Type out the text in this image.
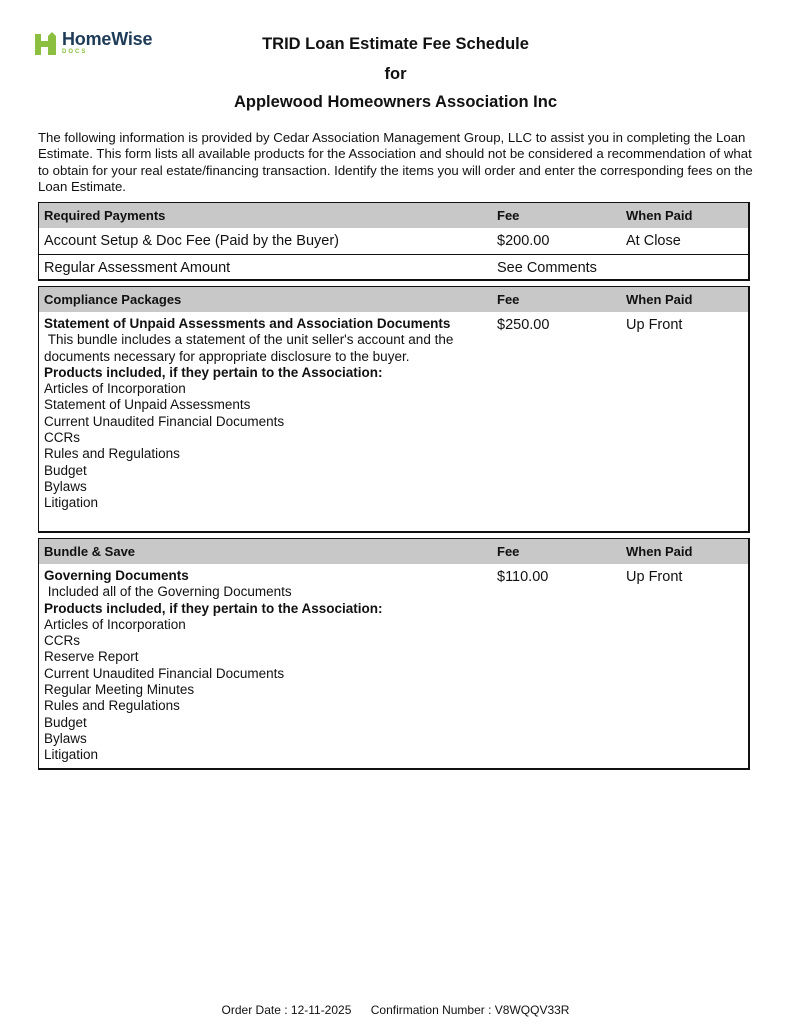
HomeWise
DOCS	TRID Loan Estimate Fee Schedule
for
Applewood Homeowners Association Inc
The following information is provided by Cedar Association Management Group, LLC to assist you in completing the Loan Estimate. This form lists all available products for the Association and should not be considered a recommendation of what to obtain for your real estate/financing transaction. Identify the items you will order and enter the corresponding fees on the Loan Estimate.
Required Payments	Fee	When Paid
Account Setup & Doc Fee (Paid by the Buyer)	$200.00	At Close
Regular Assessment Amount	See Comments
Compliance Packages	Fee	When Paid
Statement of Unpaid Assessments and Association Documents
This bundle includes a statement of the unit seller's account and the documents necessary for appropriate disclosure to the buyer.
Products included, if they pertain to the Association:
Articles of Incorporation
Statement of Unpaid Assessments
Current Unaudited Financial Documents
CCRs
Rules and Regulations
Budget
Bylaws
Litigation
$250.00	Up Front
Bundle & Save	Fee	When Paid
Governing Documents
Included all of the Governing Documents
Products included, if they pertain to the Association:
Articles of Incorporation
CCRs
Reserve Report
Current Unaudited Financial Documents
Regular Meeting Minutes
Rules and Regulations
Budget
Bylaws
Litigation
$110.00	Up Front
Order Date : 12-11-2025 Confirmation Number : V8WQQV33R
